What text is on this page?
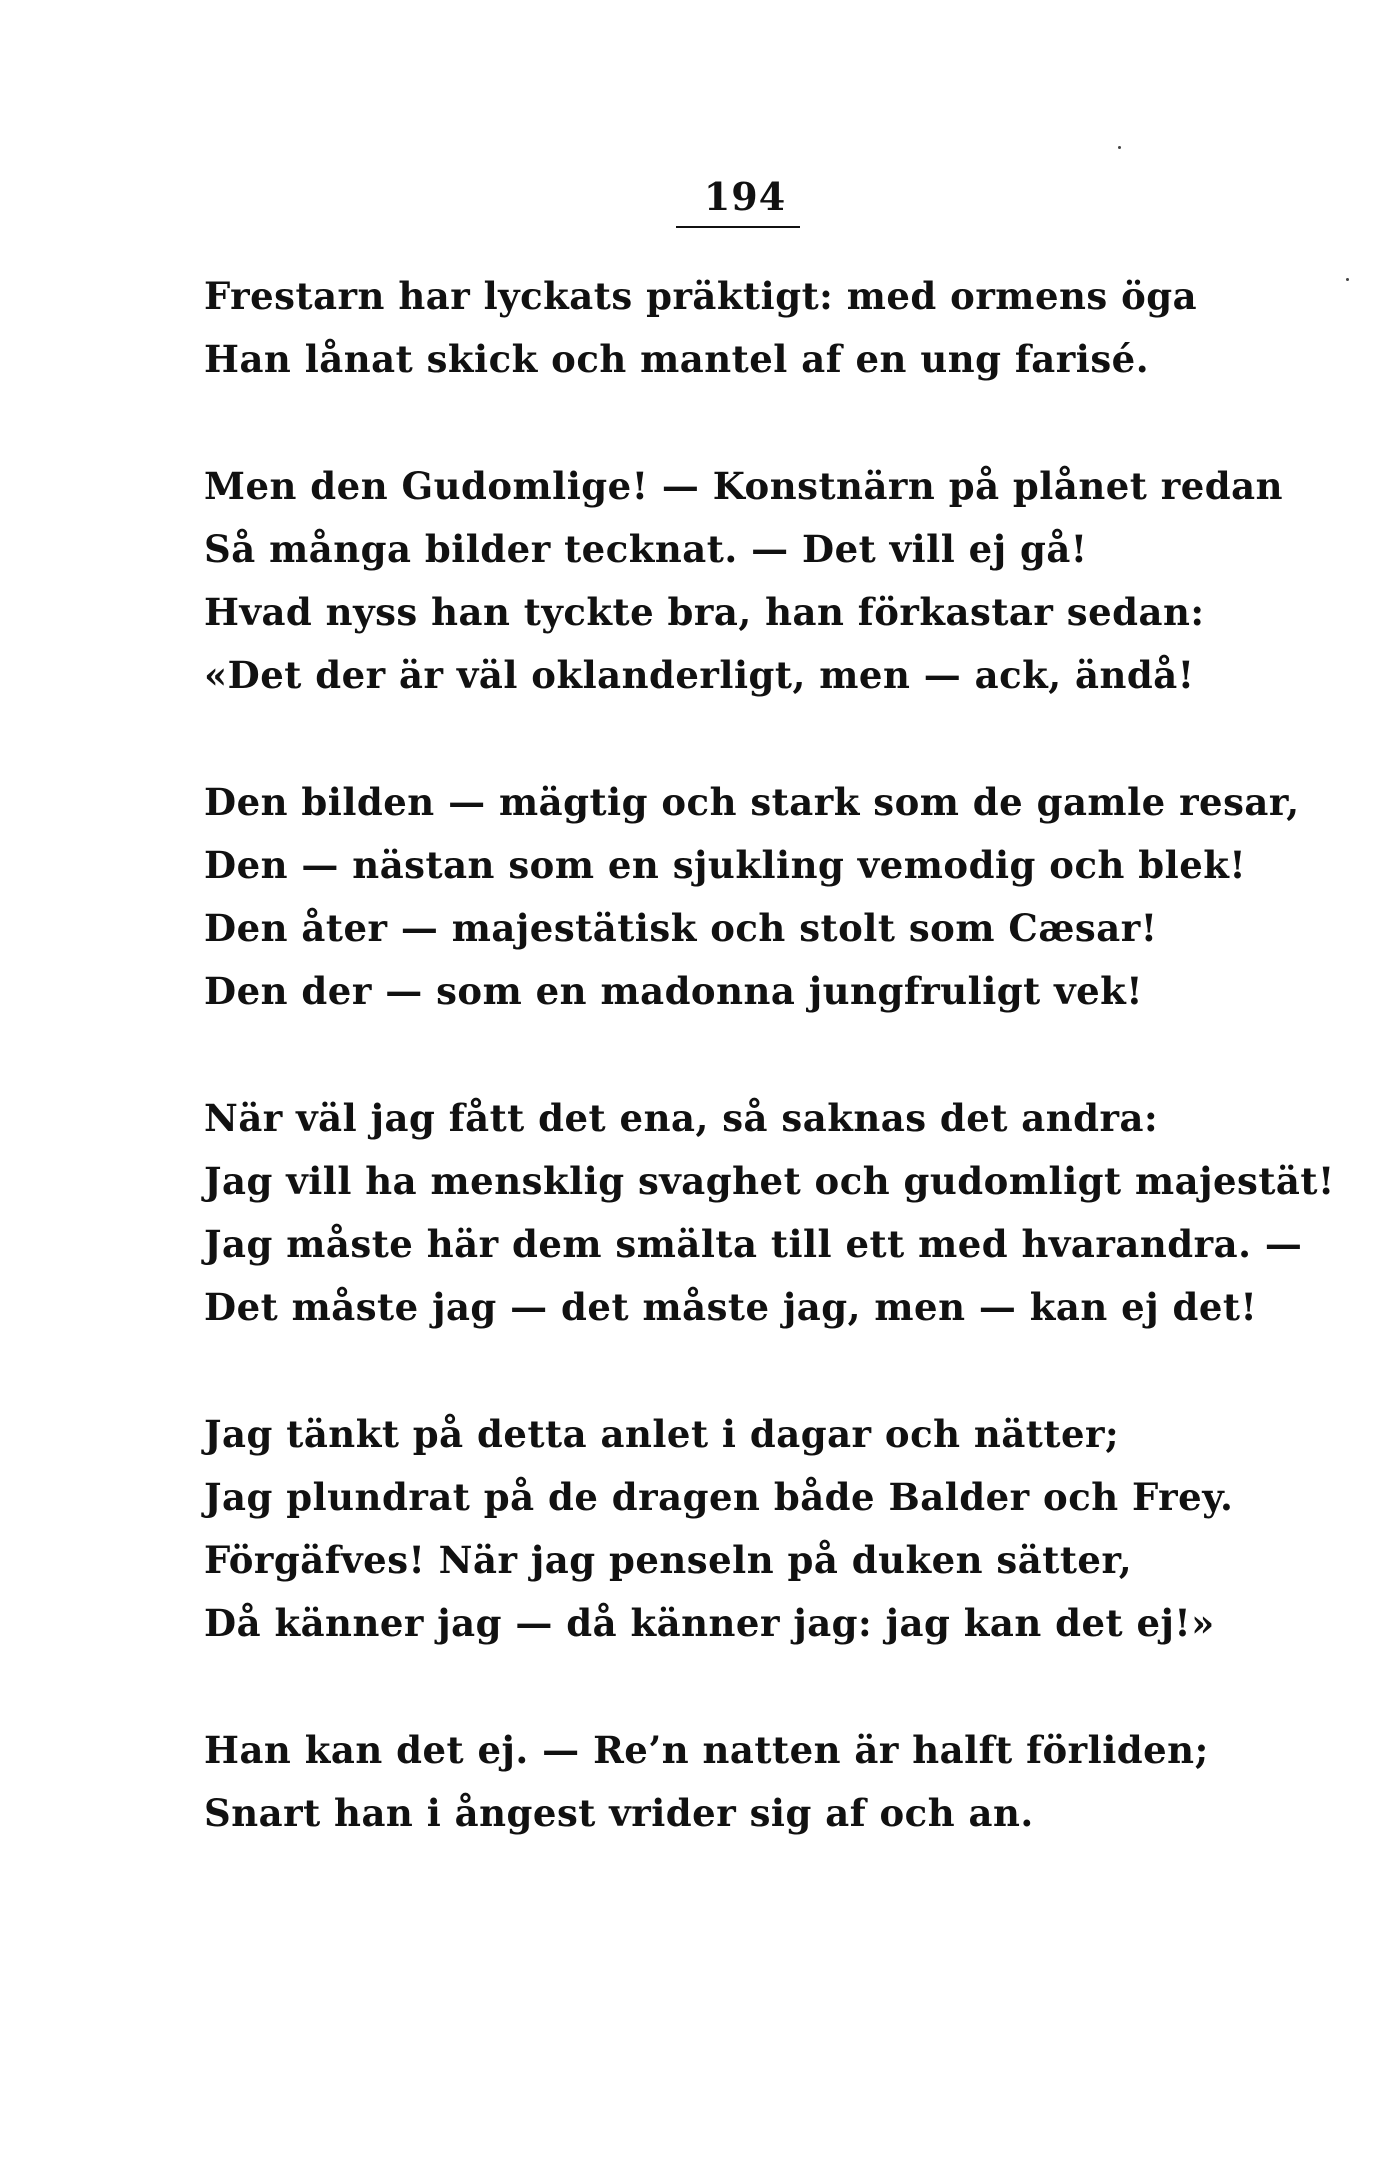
194
Frestarn har lyckats präktigt: med ormens öga
Han lånat skick och mantel af en ung farisé.
Men den Gudomlige! — Konstnärn på plånet redan
Så många bilder tecknat. — Det vill ej gå!
Hvad nyss han tyckte bra, han förkastar sedan:
«Det der är väl oklanderligt, men — ack, ändå!
Den bilden — mägtig och stark som de gamle resar,
Den — nästan som en sjukling vemodig och blek!
Den åter — majestätisk och stolt som Cæsar!
Den der — som en madonna jungfruligt vek!
När väl jag fått det ena, så saknas det andra:
Jag vill ha mensklig svaghet och gudomligt majestät!
Jag måste här dem smälta till ett med hvarandra. —
Det måste jag — det måste jag, men — kan ej det!
Jag tänkt på detta anlet i dagar och nätter;
Jag plundrat på de dragen både Balder och Frey.
Förgäfves! När jag penseln på duken sätter,
Då känner jag — då känner jag: jag kan det ej!»
Han kan det ej. — Re’n natten är halft förliden;
Snart han i ångest vrider sig af och an.
